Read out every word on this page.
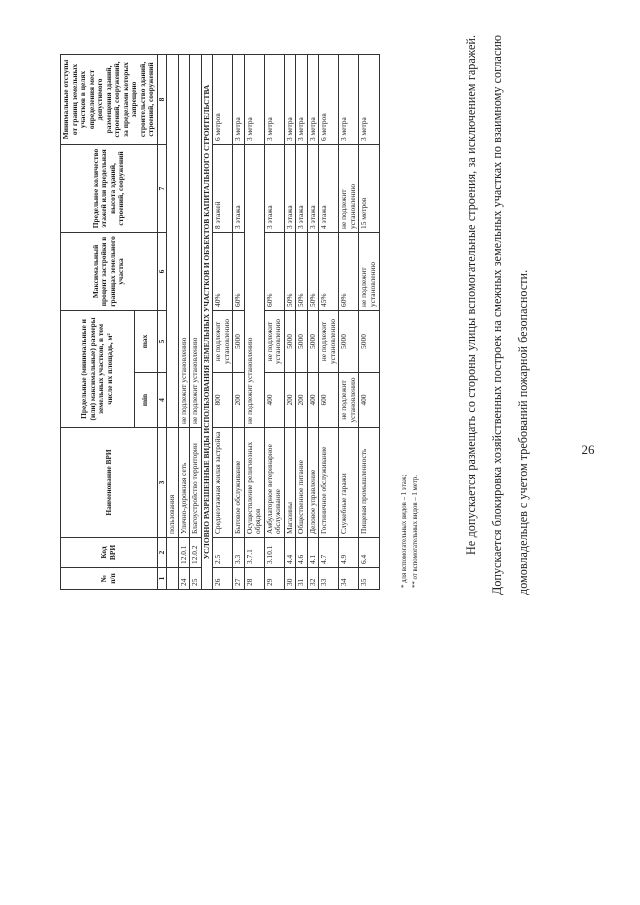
26
№ п/п	Код ВРИ	Наименование ВРИ	Предельные (минимальные и (или) максимальные) размеры земельных участков, в том числе их площадь, м²		Максимальный процент застройки в границах земельного участка	Предельное количество этажей или предельная высота зданий, строений, сооружений	Минимальные отступы от границ земельных участков в целях определения мест допустимого размещения зданий, строений, сооружений, за пределами которых запрещено строительство зданий, строений, сооружений
			min	max			
1	2	3	4	5	6	7	8
		пользования					
24	12.0.1	Улично-дорожная сеть	не подлежит установлению				
25	12.0.2	Благоустройство территории	не подлежит установлению				
УСЛОВНО РАЗРЕШЕННЫЕ ВИДЫ ИСПОЛЬЗОВАНИЯ ЗЕМЕЛЬНЫХ УЧАСТКОВ И ОБЪЕКТОВ КАПИТАЛЬНОГО СТРОИТЕЛЬСТВА							
26	2.5	Среднеэтажная жилая застройка	800	не подлежит установлению	40%	8 этажей	6 метров
27	3.3	Бытовое обслуживание	200	5000	60%	3 этажа	3 метра
28	3.7.1	Осуществление религиозных обрядов	не подлежит установлению				3 метра
29	3.10.1	Амбулаторное ветеринарное обслуживание	400	не подлежит установлению	60%	3 этажа	3 метра
30	4.4	Магазины	200	5000	50%	3 этажа	3 метра
31	4.6	Общественное питание	200	5000	50%	3 этажа	3 метра
32	4.1	Деловое управление	400	5000	50%	3 этажа	3 метра
33	4.7	Гостиничное обслуживание	600	не подлежит установлению	45%	4 этажа	6 метров
34	4.9	Служебные гаражи	не подлежит установлению	5000	60%	не подлежит установлению	3 метра
35	6.4	Пищевая промышленность	400	5000	не подлежит установлению	15 метров	3 метра
* для вспомогательных видов – 1 этаж; ** от вспомогательных видов – 1 метр.	Не допускается размещать со стороны улицы вспомогательные строения, за исключением гаражей. Допускается блокировка хозяйственных построек на смежных земельных участках по взаимному согласию домовладельцев с учетом требований пожарной безопасности.
